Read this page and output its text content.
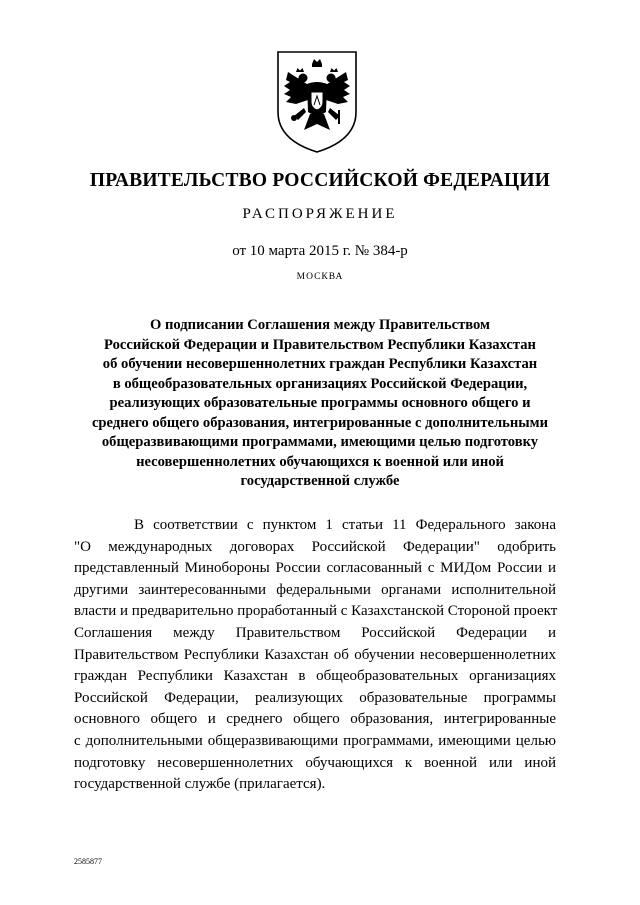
ПРАВИТЕЛЬСТВО РОССИЙСКОЙ ФЕДЕРАЦИИ
РАСПОРЯЖЕНИЕ
от 10 марта 2015 г. № 384-р
МОСКВА
О подписании Соглашения между Правительством
Российской Федерации и Правительством Республики Казахстан
об обучении несовершеннолетних граждан Республики Казахстан
в общеобразовательных организациях Российской Федерации,
реализующих образовательные программы основного общего и
среднего общего образования, интегрированные с дополнительными
общеразвивающими программами, имеющими целью подготовку
несовершеннолетних обучающихся к военной или иной
государственной службе
В соответствии с пунктом 1 статьи 11 Федерального закона
"О международных договорах Российской Федерации" одобрить
представленный Минобороны России согласованный с МИДом России и
другими заинтересованными федеральными органами исполнительной
власти и предварительно проработанный с Казахстанской Стороной проект
Соглашения между Правительством Российской Федерации и
Правительством Республики Казахстан об обучении несовершеннолетних
граждан Республики Казахстан в общеобразовательных организациях
Российской Федерации, реализующих образовательные программы
основного общего и среднего общего образования, интегрированные
с дополнительными общеразвивающими программами, имеющими целью
подготовку несовершеннолетних обучающихся к военной или иной
государственной службе (прилагается).
2585877
